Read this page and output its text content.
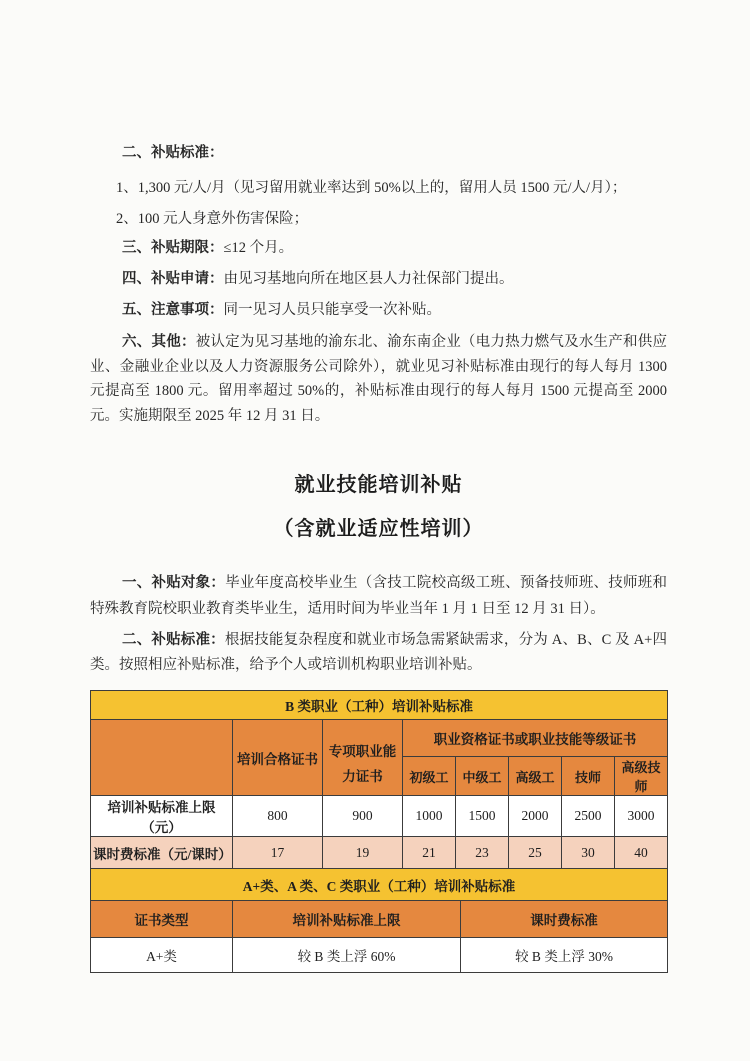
二、补贴标准：

1、1,300 元/人/月（见习留用就业率达到 50%以上的，留用人员 1500 元/人/月）；

2、100 元人身意外伤害保险；

三、补贴期限：≤12 个月。

四、补贴申请：由见习基地向所在地区县人力社保部门提出。

五、注意事项：同一见习人员只能享受一次补贴。

六、其他：被认定为见习基地的渝东北、渝东南企业（电力热力燃气及水生产和供应业、金融业企业以及人力资源服务公司除外），就业见习补贴标准由现行的每人每月 1300 元提高至 1800 元。留用率超过 50%的，补贴标准由现行的每人每月 1500 元提高至 2000 元。实施期限至 2025 年 12 月 31 日。

就业技能培训补贴
（含就业适应性培训）

一、补贴对象：毕业年度高校毕业生（含技工院校高级工班、预备技师班、技师班和特殊教育院校职业教育类毕业生，适用时间为毕业当年 1 月 1 日至 12 月 31 日）。

二、补贴标准：根据技能复杂程度和就业市场急需紧缺需求，分为 A、B、C 及 A+四类。按照相应补贴标准，给予个人或培训机构职业培训补贴。

B 类职业（工种）培训补贴标准							
	培训合格证书	专项职业能力证书	职业资格证书或职业技能等级证书				
			初级工	中级工	高级工	技师	高级技师
培训补贴标准上限（元）	800	900	1000	1500	2000	2500	3000
课时费标准（元/课时）	17	19	21	23	25	30	40
A+类、A 类、C 类职业（工种）培训补贴标准		
证书类型	培训补贴标准上限	课时费标准
A+类	较 B 类上浮 60%	较 B 类上浮 30%
